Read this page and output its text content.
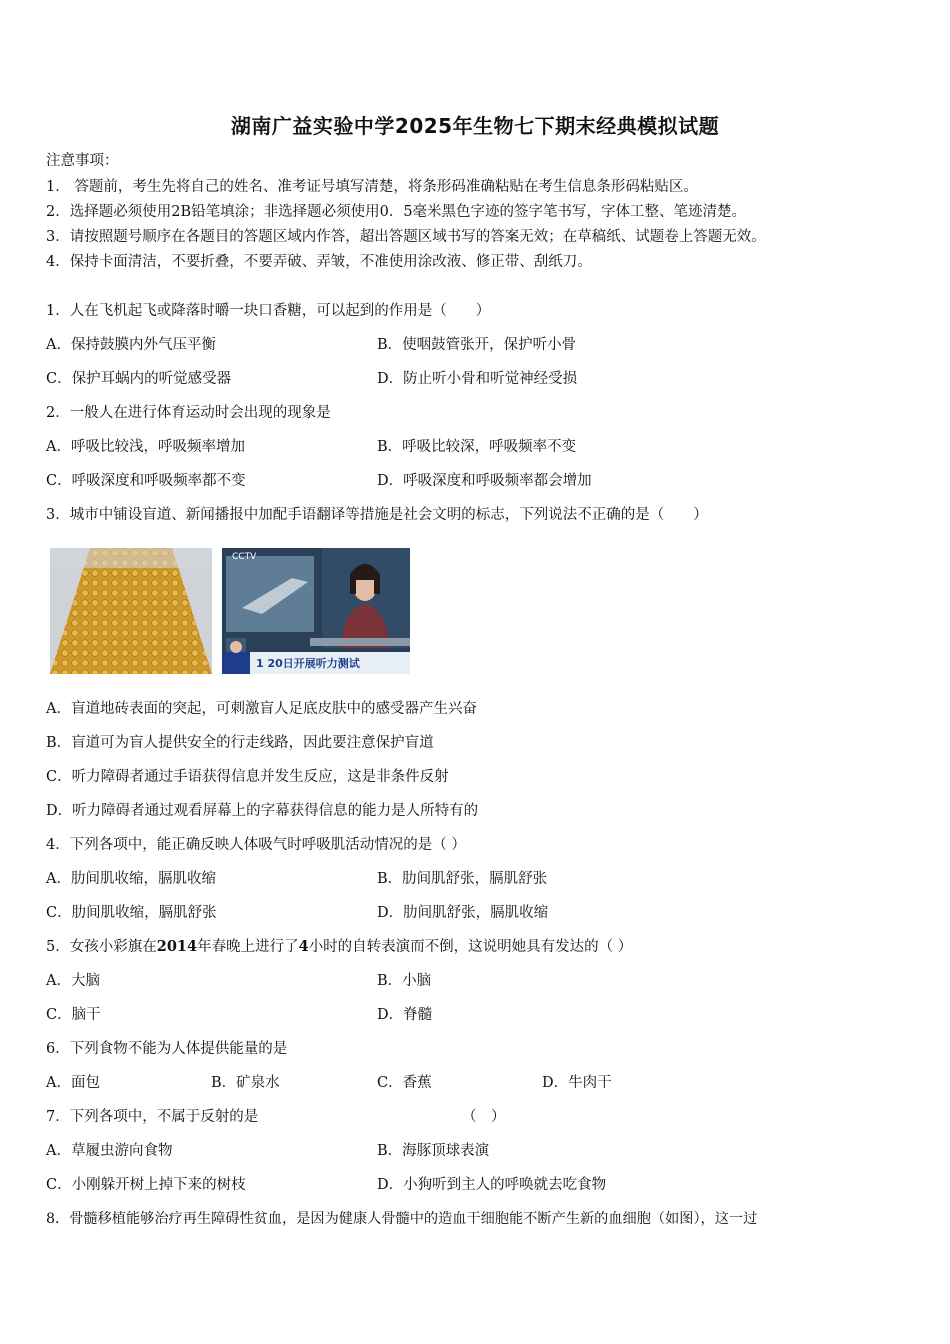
湖南广益实验中学2025年生物七下期末经典模拟试题
注意事项：
1． 答题前，考生先将自己的姓名、准考证号填写清楚，将条形码准确粘贴在考生信息条形码粘贴区。
2．选择题必须使用2B铅笔填涂；非选择题必须使用0．5毫米黑色字迹的签字笔书写，字体工整、笔迹清楚。
3．请按照题号顺序在各题目的答题区域内作答，超出答题区域书写的答案无效；在草稿纸、试题卷上答题无效。
4．保持卡面清洁，不要折叠，不要弄破、弄皱，不准使用涂改液、修正带、刮纸刀。
1．人在飞机起飞或降落时嚼一块口香糖，可以起到的作用是（　　）
A．保持鼓膜内外气压平衡	B．使咽鼓管张开，保护听小骨
C．保护耳蜗内的听觉感受器	D．防止听小骨和听觉神经受损
2．一般人在进行体育运动时会出现的现象是
A．呼吸比较浅，呼吸频率增加	B．呼吸比较深，呼吸频率不变
C．呼吸深度和呼吸频率都不变	D．呼吸深度和呼吸频率都会增加
3．城市中铺设盲道、新闻播报中加配手语翻译等措施是社会文明的标志，下列说法不正确的是（　　）
CCTV
1 20日开展听力测试
A．盲道地砖表面的突起，可刺激盲人足底皮肤中的感受器产生兴奋
B．盲道可为盲人提供安全的行走线路，因此要注意保护盲道
C．听力障碍者通过手语获得信息并发生反应，这是非条件反射
D．听力障碍者通过观看屏幕上的字幕获得信息的能力是人所特有的
4．下列各项中，能正确反映人体吸气时呼吸肌活动情况的是（ ）
A．肋间肌收缩，膈肌收缩	B．肋间肌舒张，膈肌舒张
C．肋间肌收缩，膈肌舒张	D．肋间肌舒张，膈肌收缩
5．女孩小彩旗在2014年春晚上进行了4小时的自转表演而不倒，这说明她具有发达的（ ）
A．大脑	B．小脑
C．脑干	D．脊髓
6．下列食物不能为人体提供能量的是
A．面包	B．矿泉水	C．香蕉	D．牛肉干
7．下列各项中，不属于反射的是	（　）
A．草履虫游向食物	B．海豚顶球表演
C．小刚躲开树上掉下来的树枝	D．小狗听到主人的呼唤就去吃食物
8．骨髓移植能够治疗再生障碍性贫血，是因为健康人骨髓中的造血干细胞能不断产生新的血细胞（如图），这一过
